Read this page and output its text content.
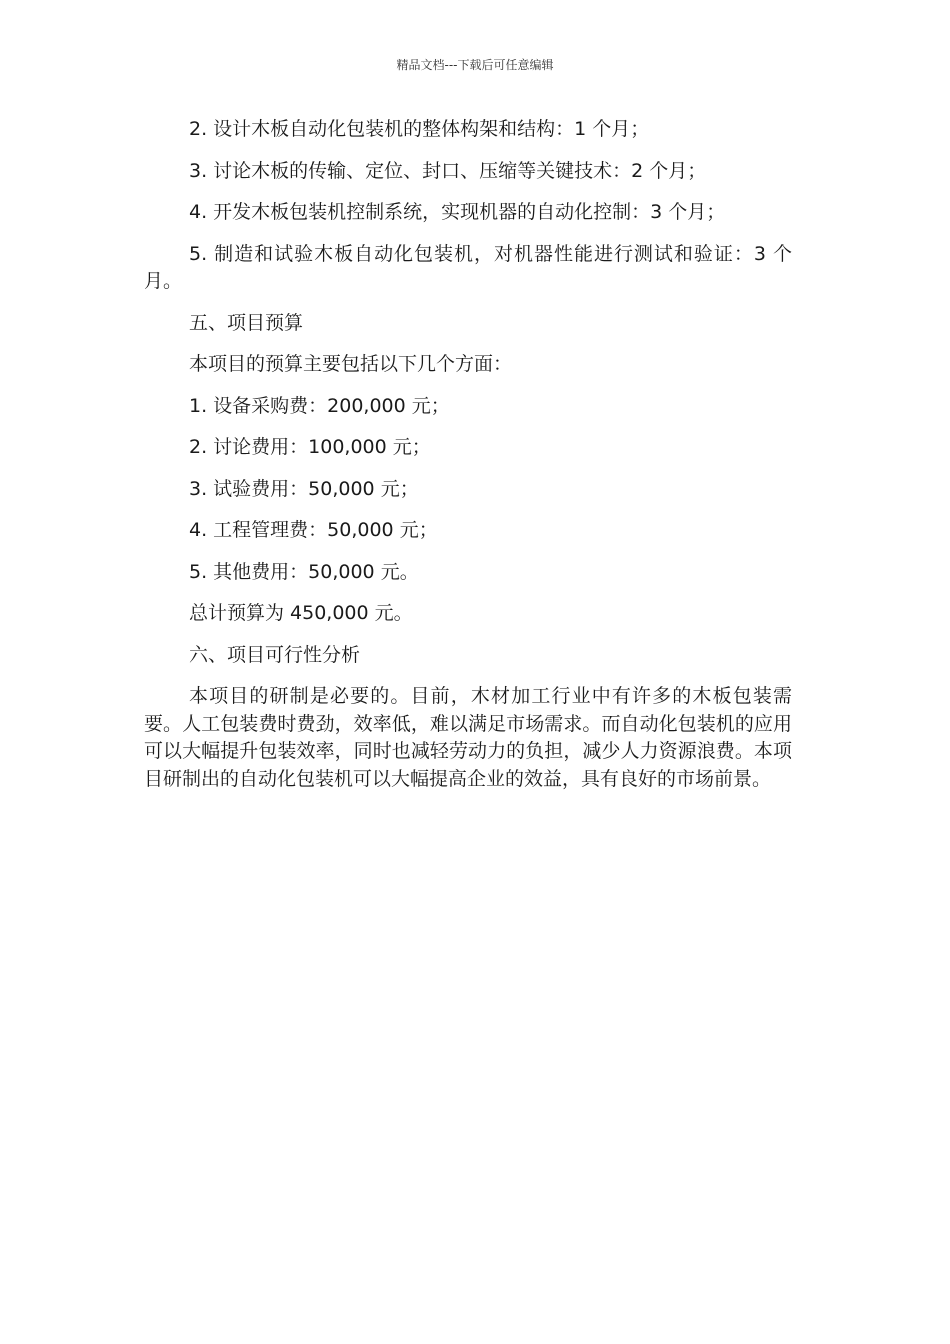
精品文档---下载后可任意编辑

2. 设计木板自动化包装机的整体构架和结构：1 个月；

3. 讨论木板的传输、定位、封口、压缩等关键技术：2 个月；

4. 开发木板包装机控制系统，实现机器的自动化控制：3 个月；

5. 制造和试验木板自动化包装机，对机器性能进行测试和验证：3 个月。

五、项目预算

本项目的预算主要包括以下几个方面：

1. 设备采购费：200,000 元；

2. 讨论费用：100,000 元；

3. 试验费用：50,000 元；

4. 工程管理费：50,000 元；

5. 其他费用：50,000 元。

总计预算为 450,000 元。

六、项目可行性分析

本项目的研制是必要的。目前，木材加工行业中有许多的木板包装需要。人工包装费时费劲，效率低，难以满足市场需求。而自动化包装机的应用可以大幅提升包装效率，同时也减轻劳动力的负担，减少人力资源浪费。本项目研制出的自动化包装机可以大幅提高企业的效益，具有良好的市场前景。
